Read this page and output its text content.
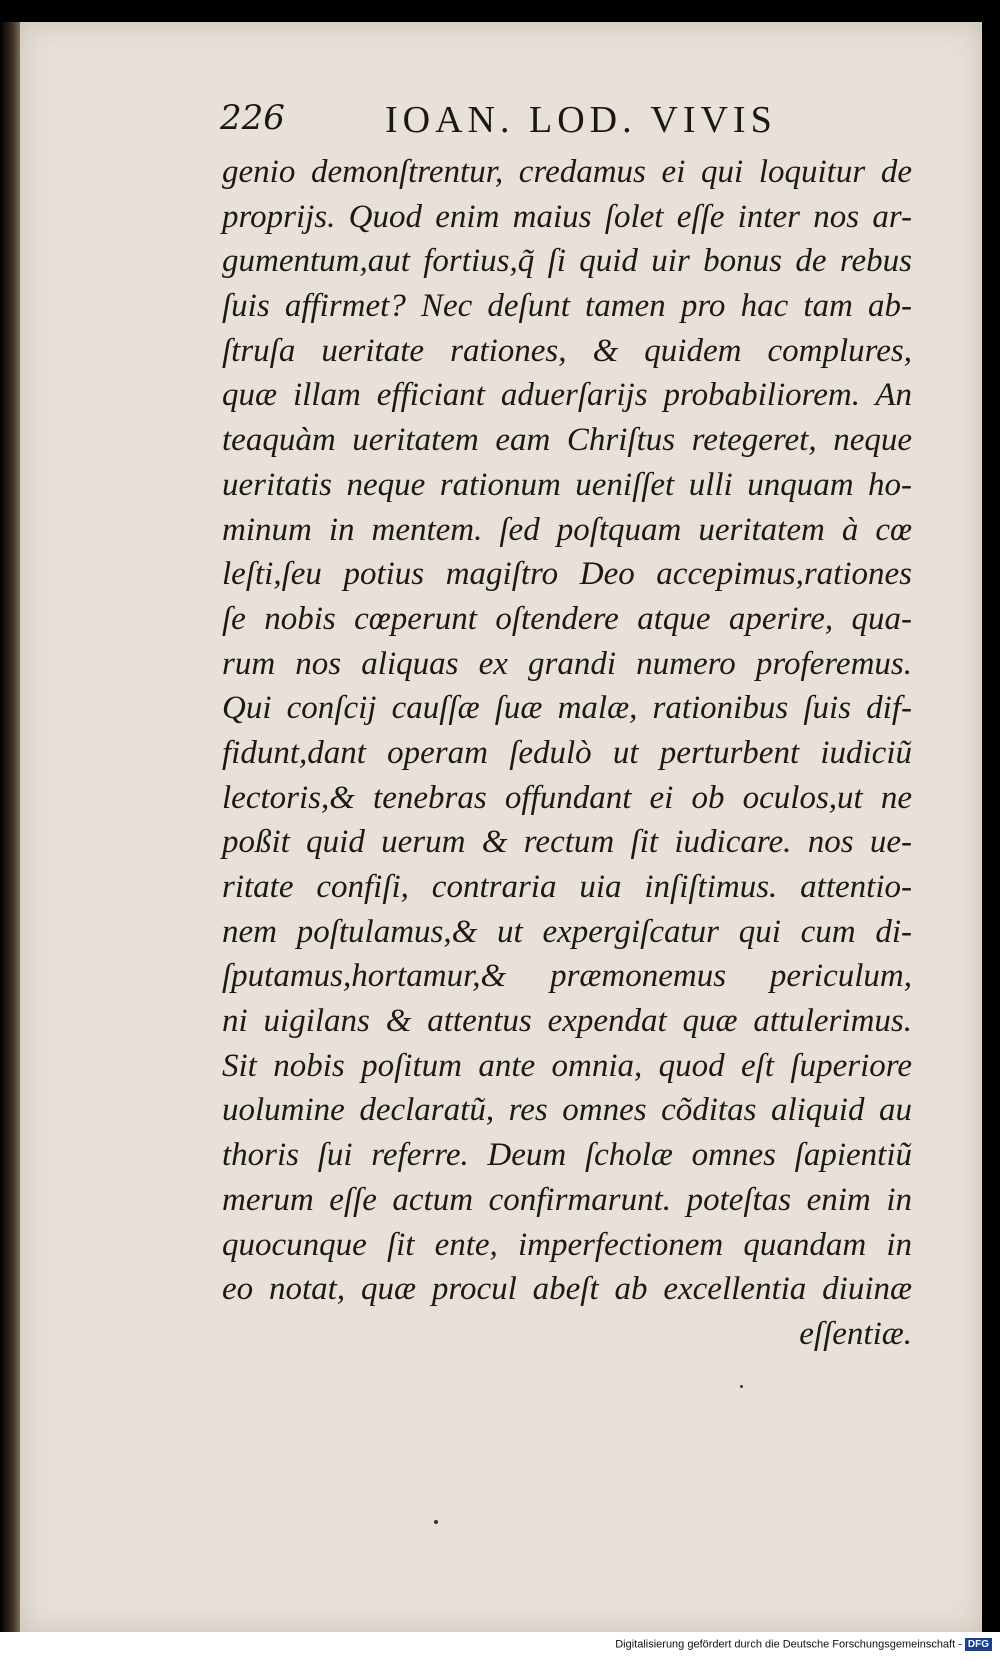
226	IOAN. LOD. VIVIS
genio demonſtrentur, credamus ei qui loquitur de
proprijs. Quod enim maius ſolet eſſe inter nos ar-
gumentum,aut fortius,q̃ ſi quid uir bonus de rebus
ſuis affirmet? Nec deſunt tamen pro hac tam ab-
ſtruſa ueritate rationes, & quidem complures,
quæ illam efficiant aduerſarijs probabiliorem. An
teaquàm ueritatem eam Chriſtus retegeret, neque
ueritatis neque rationum ueniſſet ulli unquam ho-
minum in mentem. ſed poſtquam ueritatem à cœ
leſti,ſeu potius magiſtro Deo accepimus,rationes
ſe nobis cœperunt oſtendere atque aperire, qua-
rum nos aliquas ex grandi numero proferemus.
Qui conſcij cauſſæ ſuæ malæ, rationibus ſuis dif-
fidunt,dant operam ſedulò ut perturbent iudiciũ
lectoris,& tenebras offundant ei ob oculos,ut ne
poßit quid uerum & rectum ſit iudicare. nos ue-
ritate confiſi, contraria uia inſiſtimus. attentio-
nem poſtulamus,& ut expergiſcatur qui cum di-
ſputamus,hortamur,& præmonemus periculum,
ni uigilans & attentus expendat quæ attulerimus.
Sit nobis poſitum ante omnia, quod eſt ſuperiore
uolumine declaratũ, res omnes cõditas aliquid au
thoris ſui referre. Deum ſcholæ omnes ſapientiũ
merum eſſe actum confirmarunt. poteſtas enim in
quocunque ſit ente, imperfectionem quandam in
eo notat, quæ procul abeſt ab excellentia diuinæ
eſſentiæ.
Digitalisierung gefördert durch die Deutsche Forschungsgemeinschaft - DFG
